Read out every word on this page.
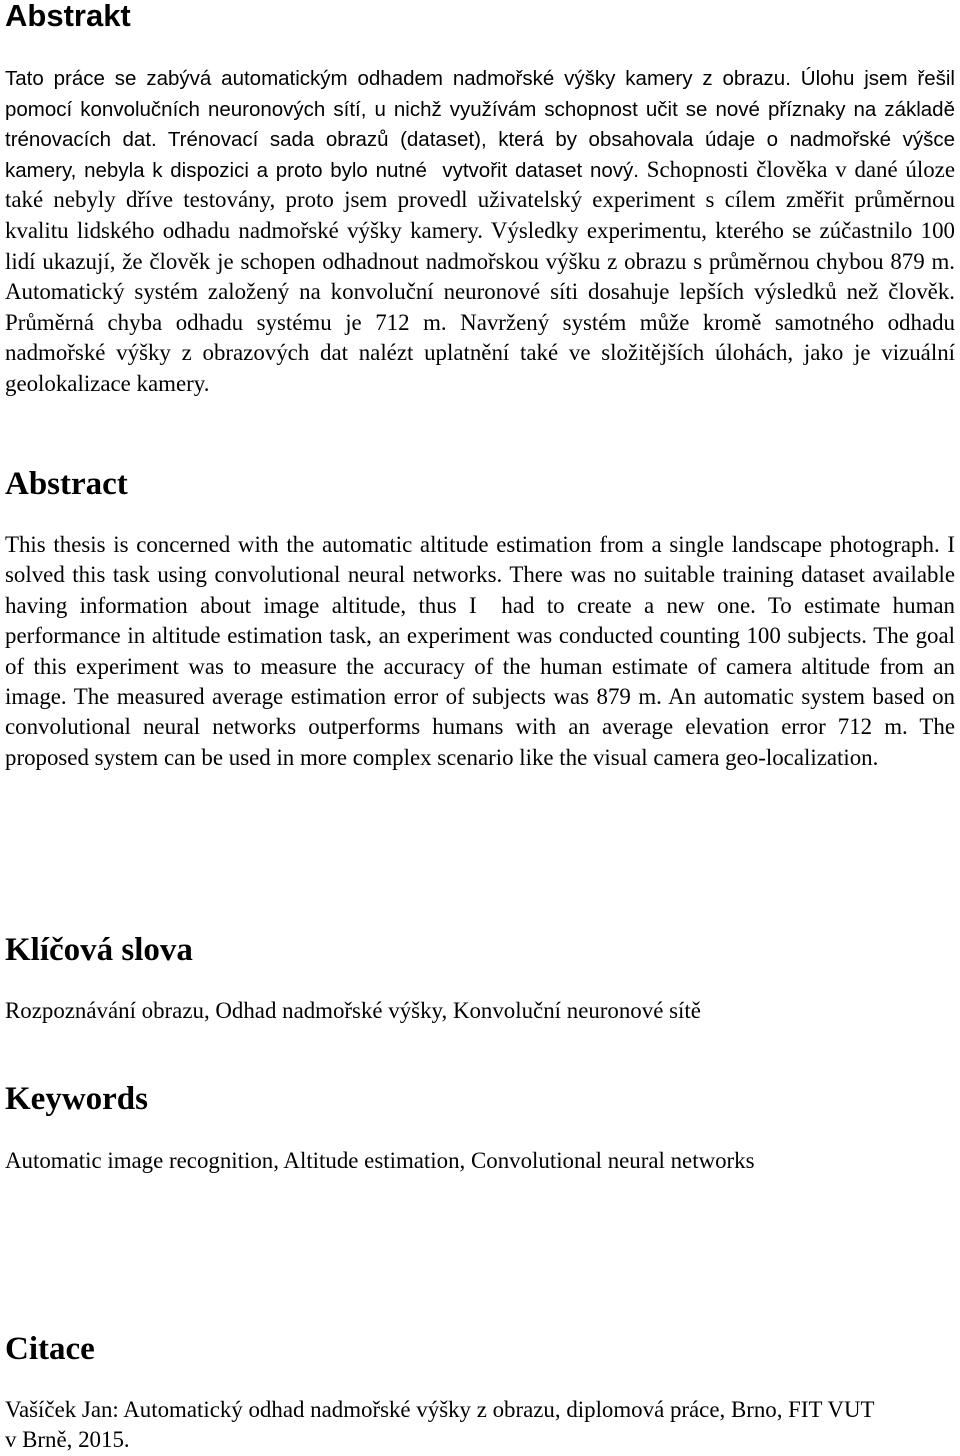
Abstrakt
Tato práce se zabývá automatickým odhadem nadmořské výšky kamery z obrazu. Úlohu jsem řešil
pomocí konvolučních neuronových sítí, u nichž využívám schopnost učit se nové příznaky na základě
trénovacích dat. Trénovací sada obrazů (dataset), která by obsahovala údaje o nadmořské výšce
kamery, nebyla k dispozici a proto bylo nutné  vytvořit dataset nový. Schopnosti člověka v dané úloze
také nebyly dříve testovány, proto jsem provedl uživatelský experiment s cílem změřit průměrnou
kvalitu lidského odhadu nadmořské výšky kamery. Výsledky experimentu, kterého se zúčastnilo 100
lidí ukazují, že člověk je schopen odhadnout nadmořskou výšku z obrazu s průměrnou chybou 879 m.
Automatický systém založený na konvoluční neuronové síti dosahuje lepších výsledků než člověk.
Průměrná chyba odhadu systému je 712 m. Navržený systém může kromě samotného odhadu
nadmořské výšky z obrazových dat nalézt uplatnění také ve složitějších úlohách, jako je vizuální
geolokalizace kamery.
Abstract
This thesis is concerned with the automatic altitude estimation from a single landscape photograph. I
solved this task using convolutional neural networks. There was no suitable training dataset available
having information about image altitude, thus I  had to create a new one. To estimate human
performance in altitude estimation task, an experiment was conducted counting 100 subjects. The goal
of this experiment was to measure the accuracy of the human estimate of camera altitude from an
image. The measured average estimation error of subjects was 879 m. An automatic system based on
convolutional neural networks outperforms humans with an average elevation error 712 m. The
proposed system can be used in more complex scenario like the visual camera geo-localization.
Klíčová slova
Rozpoznávání obrazu, Odhad nadmořské výšky, Konvoluční neuronové sítě
Keywords
Automatic image recognition, Altitude estimation, Convolutional neural networks
Citace
Vašíček Jan: Automatický odhad nadmořské výšky z obrazu, diplomová práce, Brno, FIT VUT
v Brně, 2015.
